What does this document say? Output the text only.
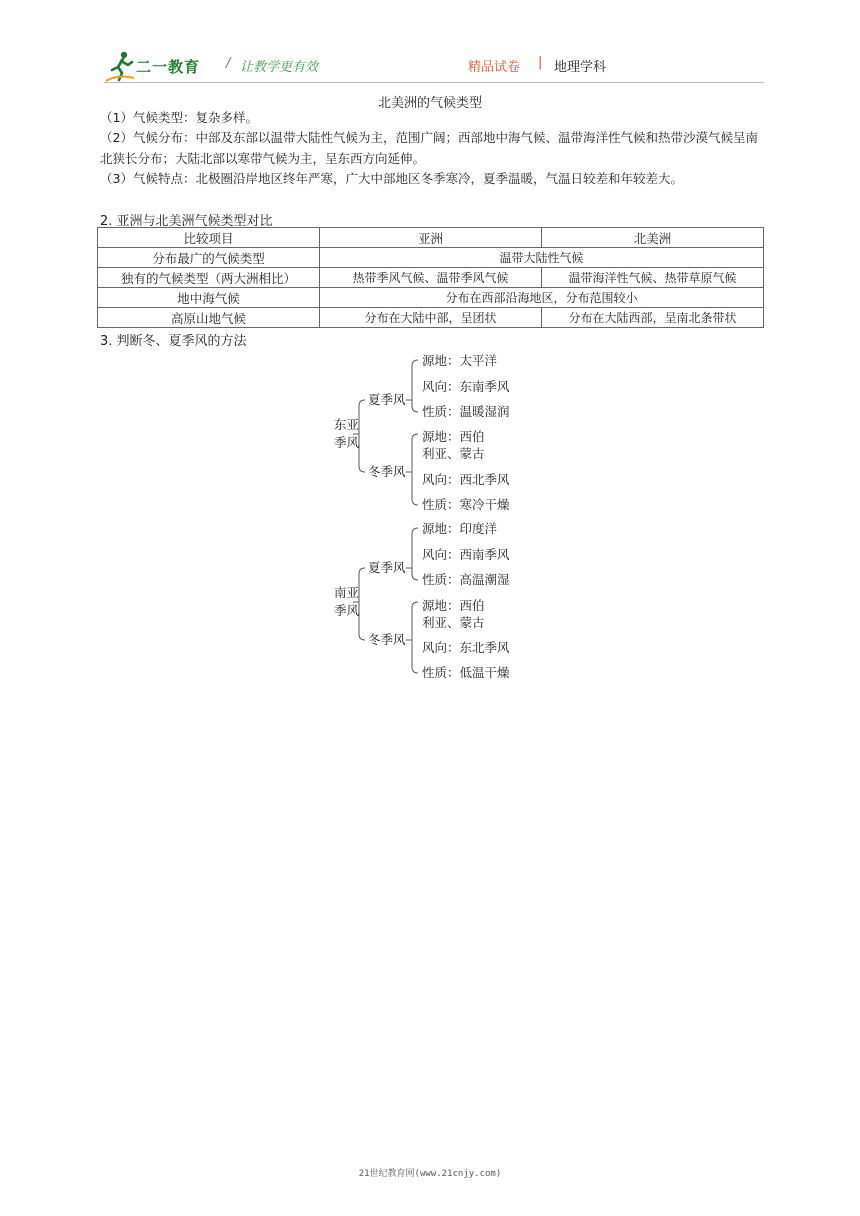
二一教育 / 让教学更有效	精品试卷 | 地理学科
北美洲的气候类型
（1）气候类型：复杂多样。
（2）气候分布：中部及东部以温带大陆性气候为主，范围广阔；西部地中海气候、温带海洋性气候和热带沙漠气候呈南北狭长分布；大陆北部以寒带气候为主，呈东西方向延伸。
（3）气候特点：北极圈沿岸地区终年严寒，广大中部地区冬季寒冷，夏季温暖，气温日较差和年较差大。
2. 亚洲与北美洲气候类型对比
比较项目	亚洲	北美洲
分布最广的气候类型	温带大陆性气候	
独有的气候类型（两大洲相比）	热带季风气候、温带季风气候	温带海洋性气候、热带草原气候
地中海气候	分布在西部沿海地区，分布范围较小	
高原山地气候	分布在大陆中部，呈团状	分布在大陆西部，呈南北条带状
3. 判断冬、夏季风的方法
东亚季风
夏季风
源地：太平洋
风向：东南季风
性质：温暖湿润
冬季风
源地：西伯利亚、蒙古
风向：西北季风
性质：寒冷干燥
南亚季风
夏季风
源地：印度洋
风向：西南季风
性质：高温潮湿
冬季风
源地：西伯利亚、蒙古
风向：东北季风
性质：低温干燥
21世纪教育网(www.21cnjy.com)
